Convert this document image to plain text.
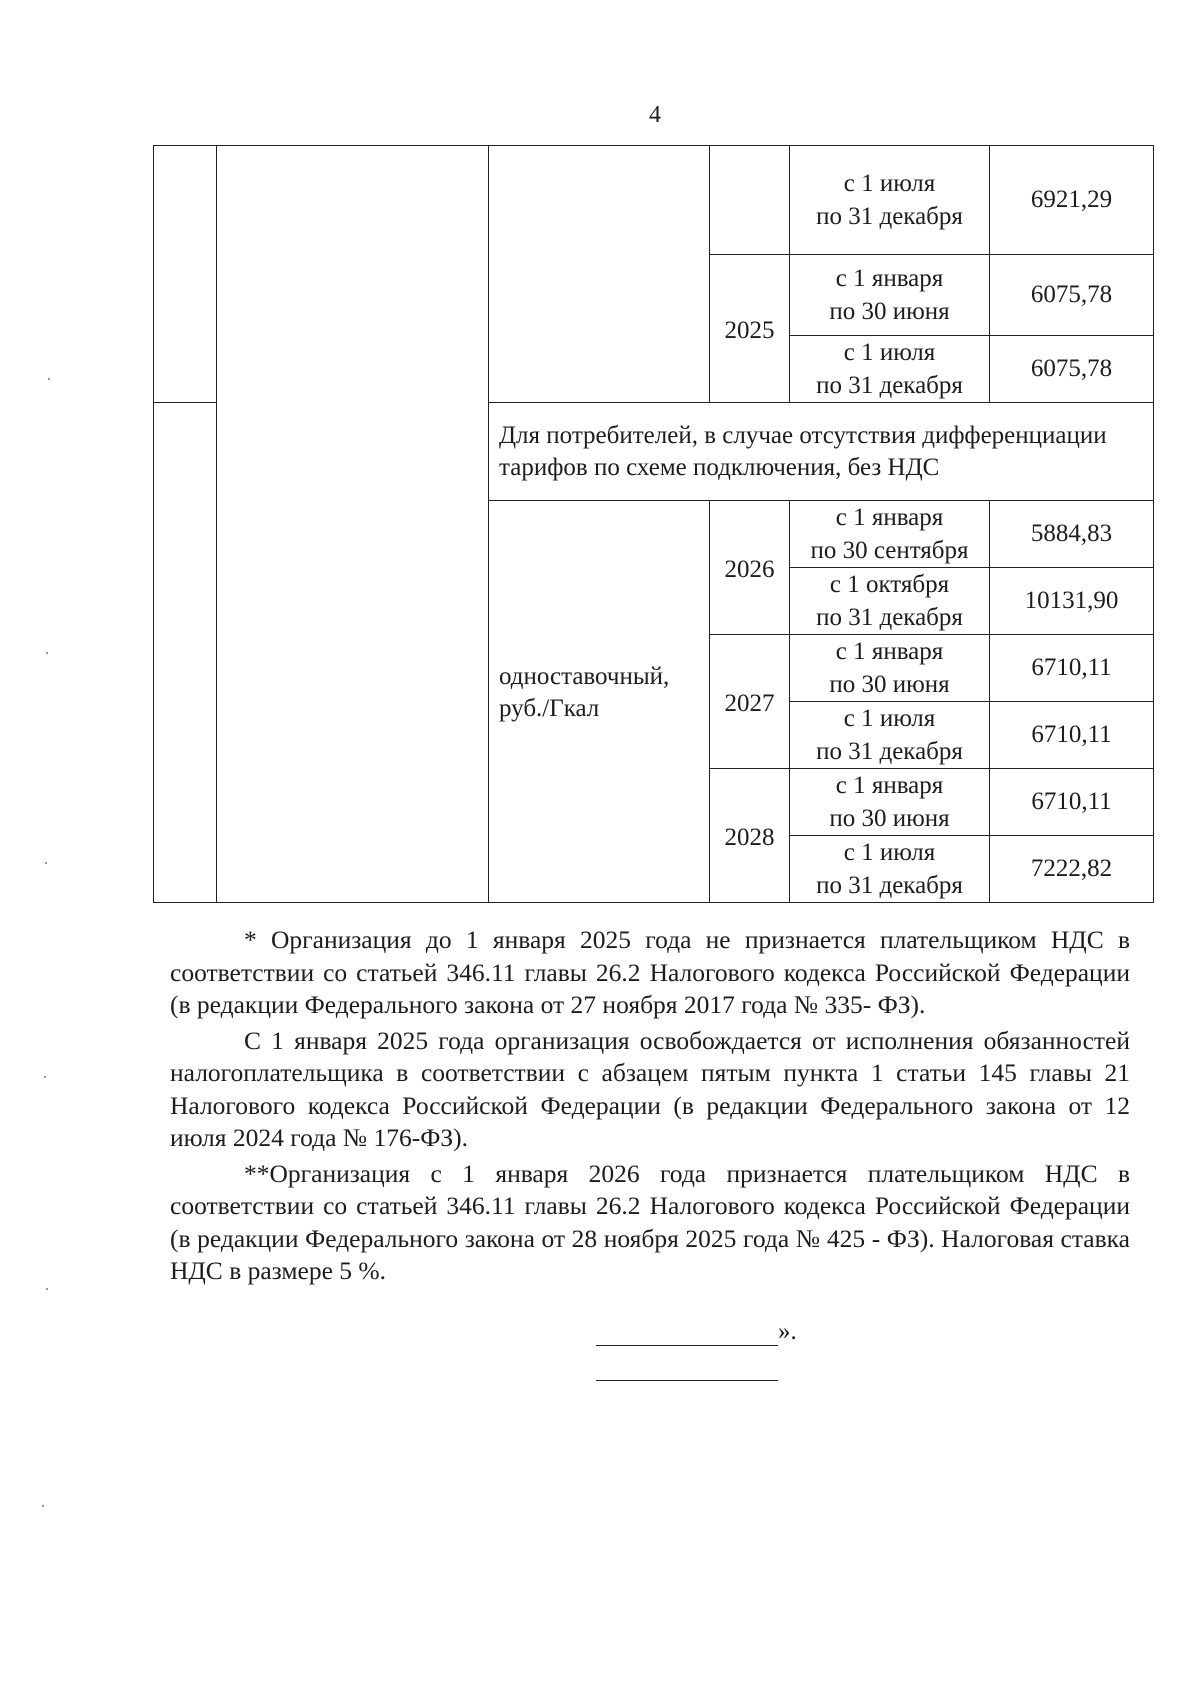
4

				с 1 июля
по 31 декабря	6921,29
			2025	с 1 января
по 30 июня	6075,78

				с 1 июля
по 31 декабря	6075,78
		Для потребителей, в случае отсутствия дифференциации тарифов по схеме подключения, без НДС			
		одноставочный, руб./Гкал	2026	с 1 января
по 30 сентября	5884,83

				с 1 октября
по 31 декабря	10131,90
			2027	с 1 января
по 30 июня	6710,11

				с 1 июля
по 31 декабря	6710,11
			2028	с 1 января
по 30 июня	6710,11

				с 1 июля
по 31 декабря	7222,82

* Организация до 1 января 2025 года не признается плательщиком НДС в соответствии со статьей 346.11 главы 26.2 Налогового кодекса Российской Федерации (в редакции Федерального закона от 27 ноября 2017 года № 335- ФЗ).

С 1 января 2025 года организация освобождается от исполнения обязанностей налогоплательщика в соответствии с абзацем пятым пункта 1 статьи 145 главы 21 Налогового кодекса Российской Федерации (в редакции Федерального закона от 12 июля 2024 года № 176-ФЗ).

**Организация с 1 января 2026 года признается плательщиком НДС в соответствии со статьей 346.11 главы 26.2 Налогового кодекса Российской Федерации (в редакции Федерального закона от 28 ноября 2025 года № 425 - ФЗ). Налоговая ставка НДС в размере 5 %.

».
